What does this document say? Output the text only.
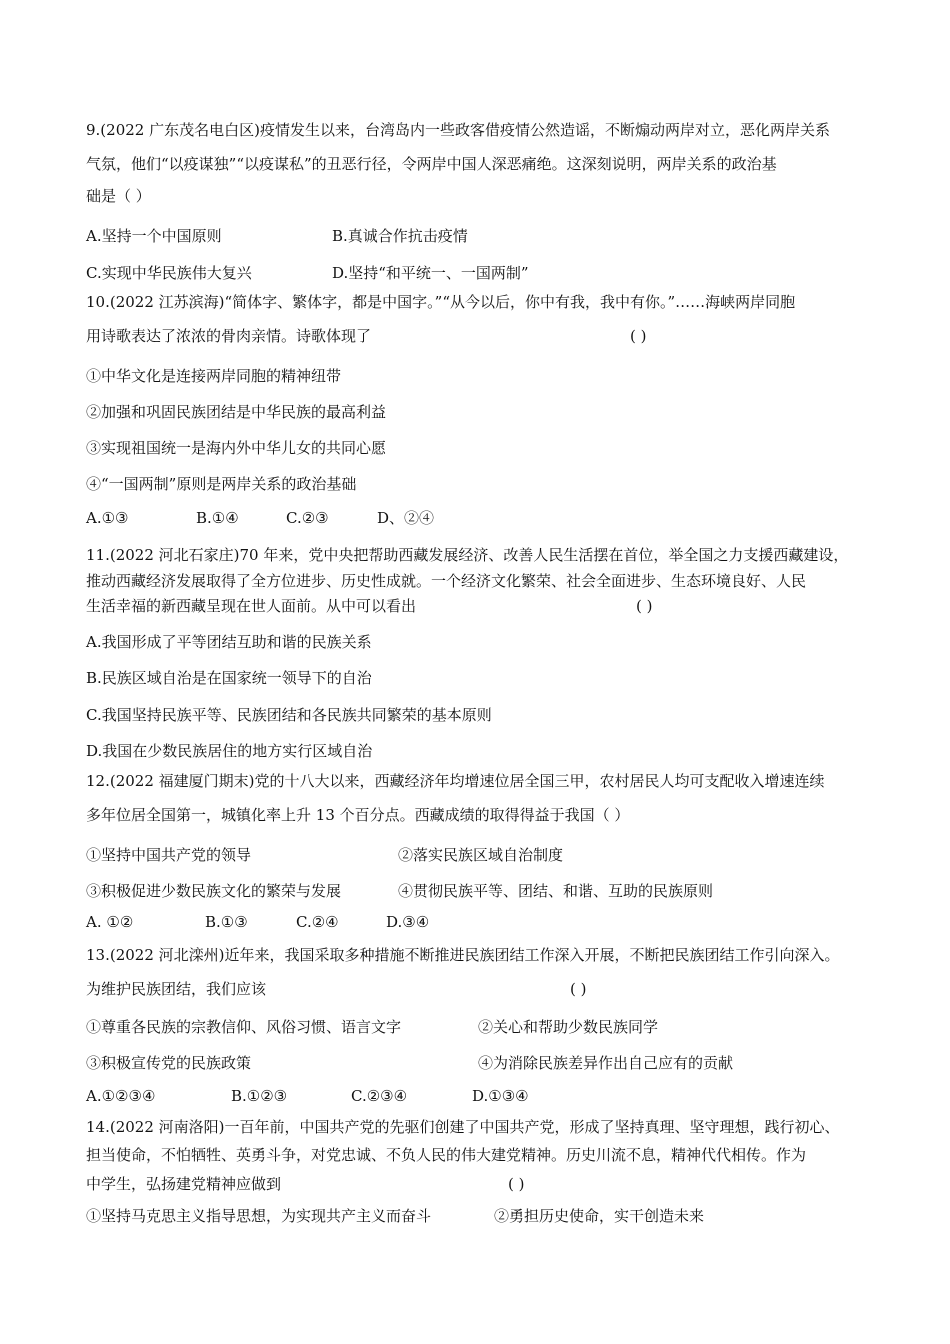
9.(2022 广东茂名电白区)疫情发生以来，台湾岛内一些政客借疫情公然造谣，不断煽动两岸对立，恶化两岸关系
气氛，他们“以疫谋独”“以疫谋私”的丑恶行径，令两岸中国人深恶痛绝。这深刻说明，两岸关系的政治基
础是（ ）
A.坚持一个中国原则	B.真诚合作抗击疫情
C.实现中华民族伟大复兴	D.坚持“和平统一、一国两制”
10.(2022 江苏滨海)“简体字、繁体字，都是中国字。”“从今以后，你中有我，我中有你。”……海峡两岸同胞
用诗歌表达了浓浓的骨肉亲情。诗歌体现了	( )
①中华文化是连接两岸同胞的精神纽带
②加强和巩固民族团结是中华民族的最高利益
③实现祖国统一是海内外中华儿女的共同心愿
④“一国两制”原则是两岸关系的政治基础
A.①③	B.①④	C.②③	D、②④
11.(2022 河北石家庄)70 年来，党中央把帮助西藏发展经济、改善人民生活摆在首位，举全国之力支援西藏建设，
推动西藏经济发展取得了全方位进步、历史性成就。一个经济文化繁荣、社会全面进步、生态环境良好、人民
生活幸福的新西藏呈现在世人面前。从中可以看出	( )
A.我国形成了平等团结互助和谐的民族关系
B.民族区域自治是在国家统一领导下的自治
C.我国坚持民族平等、民族团结和各民族共同繁荣的基本原则
D.我国在少数民族居住的地方实行区域自治
12.(2022 福建厦门期末)党的十八大以来，西藏经济年均增速位居全国三甲，农村居民人均可支配收入增速连续
多年位居全国第一，城镇化率上升 13 个百分点。西藏成绩的取得得益于我国（ ）
①坚持中国共产党的领导	②落实民族区域自治制度
③积极促进少数民族文化的繁荣与发展	④贯彻民族平等、团结、和谐、互助的民族原则
A. ①②	B.①③	C.②④	D.③④
13.(2022 河北滦州)近年来，我国采取多种措施不断推进民族团结工作深入开展，不断把民族团结工作引向深入。
为维护民族团结，我们应该	( )
①尊重各民族的宗教信仰、风俗习惯、语言文字	②关心和帮助少数民族同学
③积极宣传党的民族政策	④为消除民族差异作出自己应有的贡献
A.①②③④	B.①②③	C.②③④	D.①③④
14.(2022 河南洛阳)一百年前，中国共产党的先驱们创建了中国共产党，形成了坚持真理、坚守理想，践行初心、
担当使命，不怕牺牲、英勇斗争，对党忠诚、不负人民的伟大建党精神。历史川流不息，精神代代相传。作为
中学生，弘扬建党精神应做到	( )
①坚持马克思主义指导思想，为实现共产主义而奋斗	②勇担历史使命，实干创造未来
